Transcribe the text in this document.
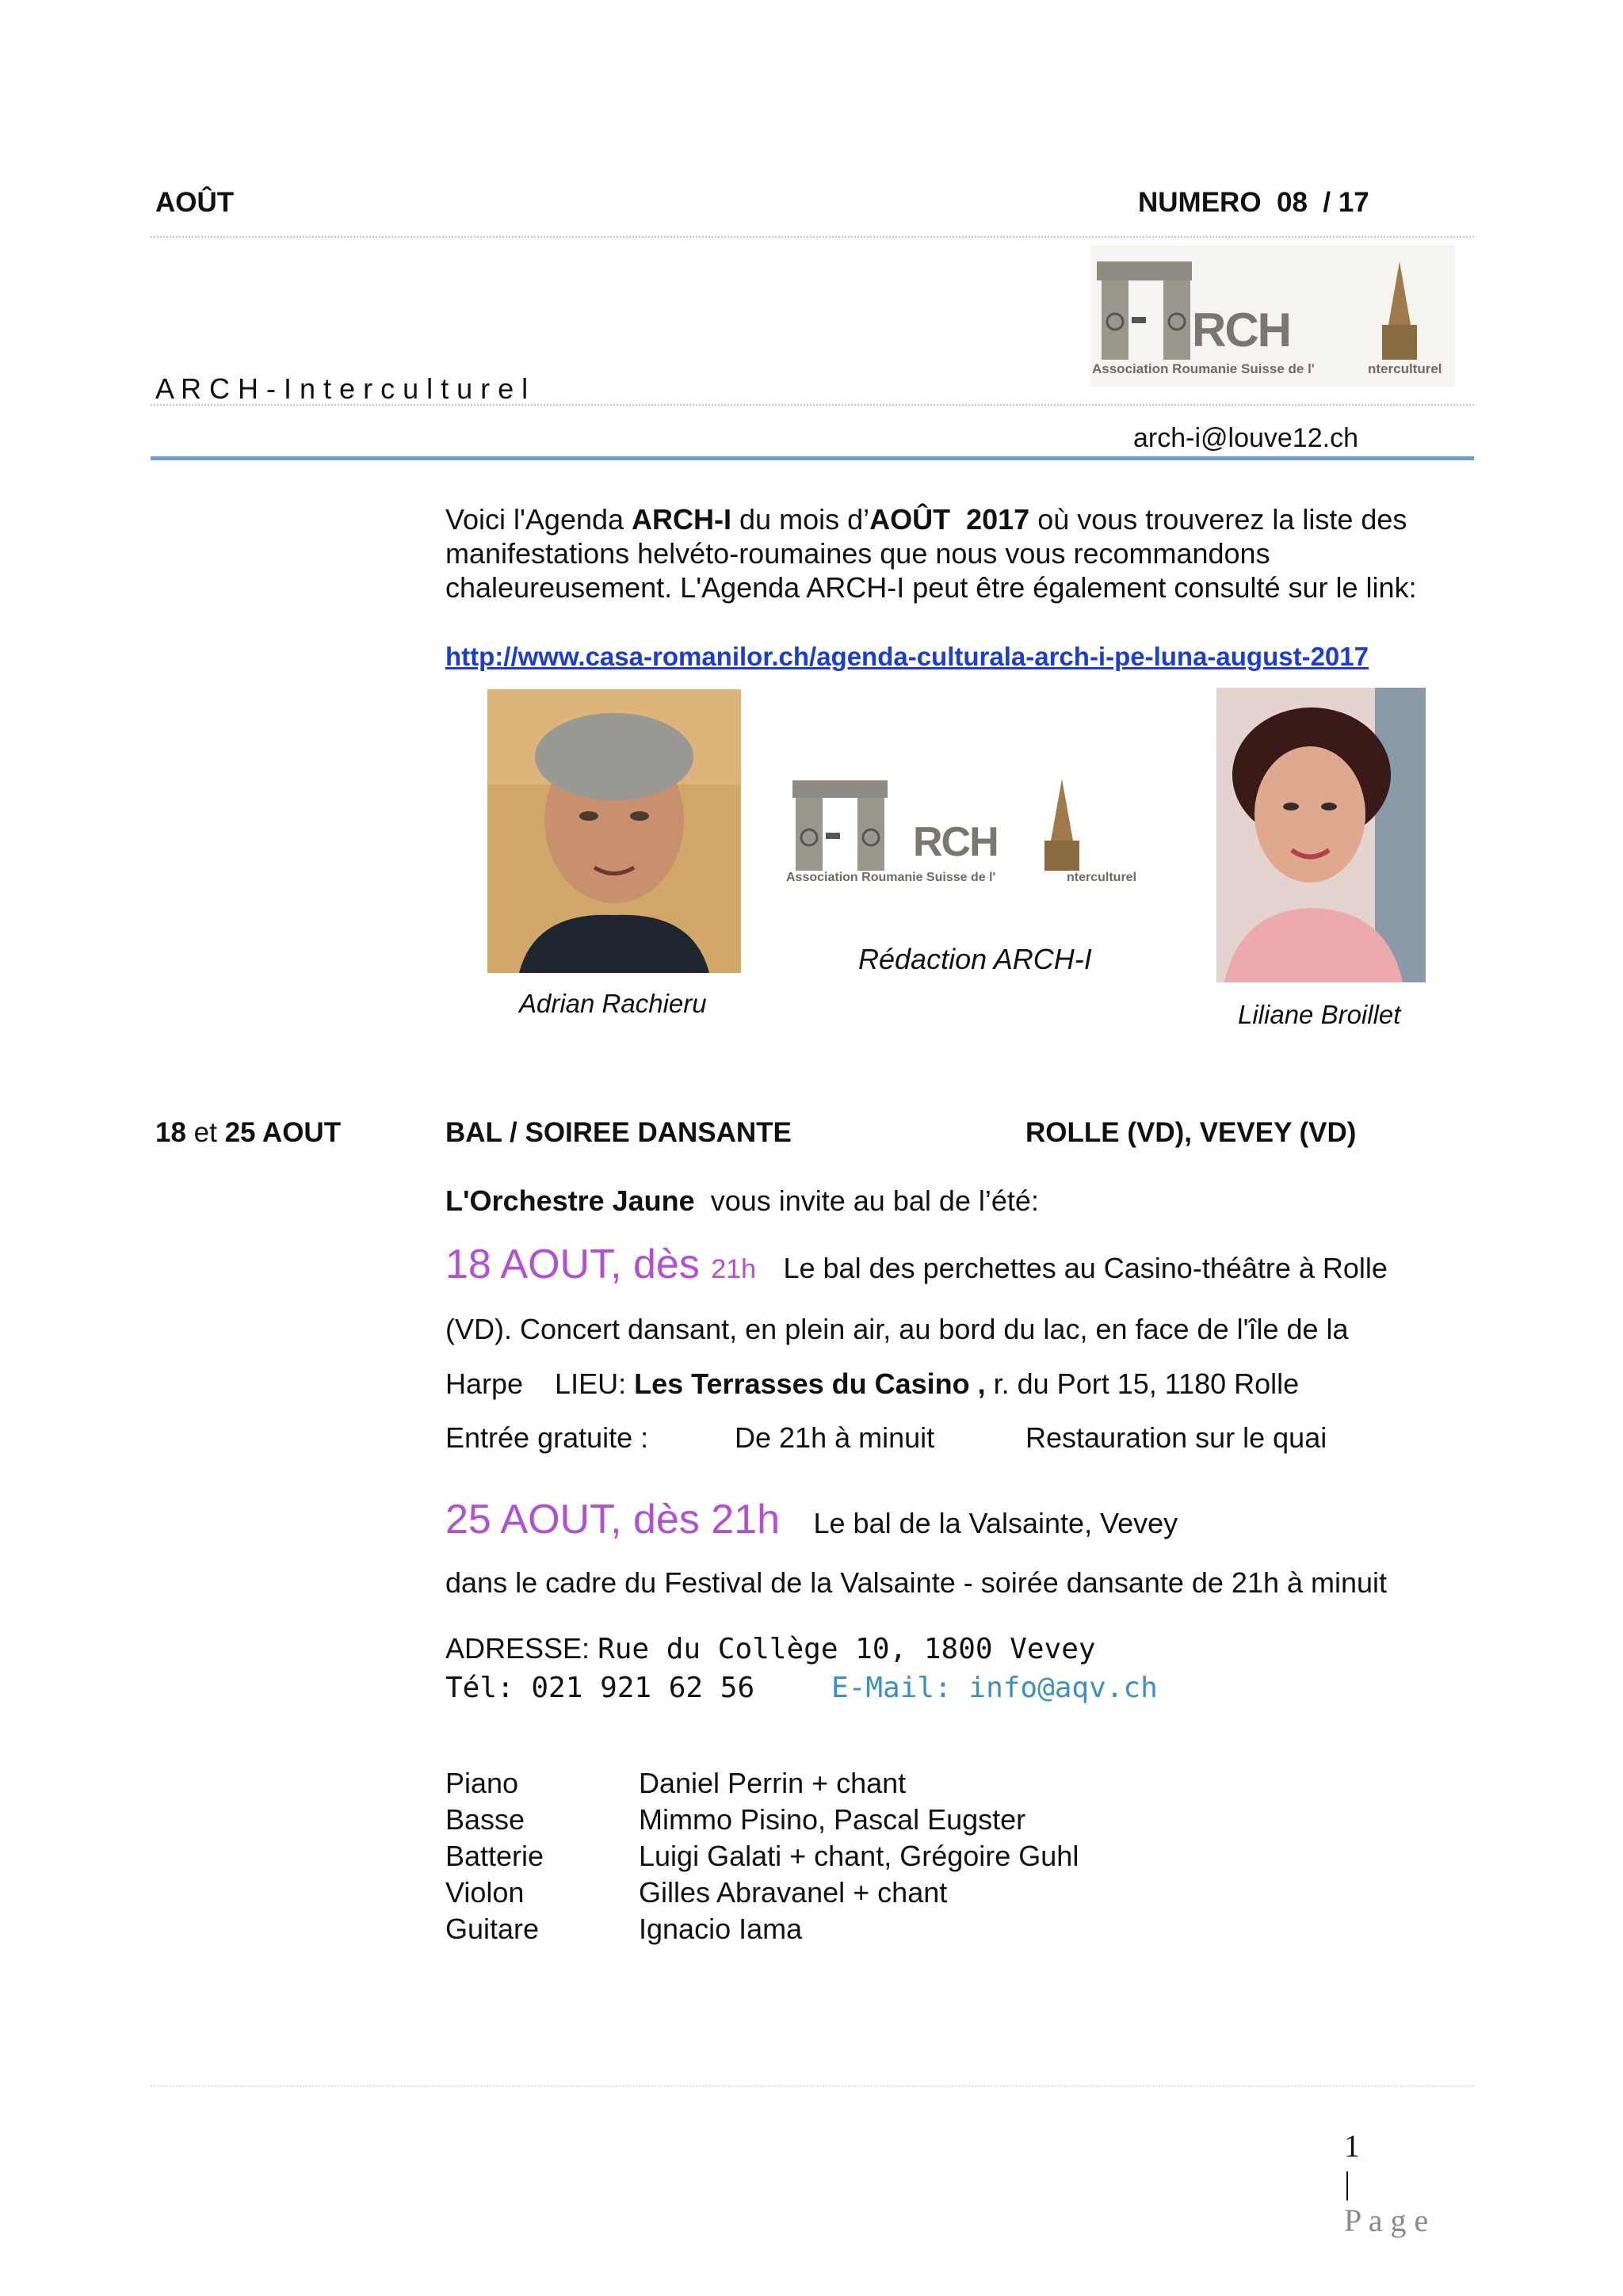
AOÛT	NUMERO  08  / 17
RCH
Association Roumanie Suisse de l'	nterculturel
A R C H - I n t e r c u l t u r e l
arch-i@louve12.ch
Voici l'Agenda ARCH-I du mois d’AOÛT  2017 où vous trouverez la liste des
manifestations helvéto-roumaines que nous vous recommandons
chaleureusement. L'Agenda ARCH-I peut être également consulté sur le link:
http://www.casa-romanilor.ch/agenda-culturala-arch-i-pe-luna-august-2017
Adrian Rachieru
RCH
Association Roumanie Suisse de l'	nterculturel
Rédaction ARCH-I
Liliane Broillet
18 et 25 AOUT	BAL / SOIREE DANSANTE	ROLLE (VD), VEVEY (VD)
L'Orchestre Jaune  vous invite au bal de l’été:
18 AOUT, dès 21h Le bal des perchettes au Casino-théâtre à Rolle
(VD). Concert dansant, en plein air, au bord du lac, en face de l'île de la
Harpe    LIEU: Les Terrasses du Casino , r. du Port 15, 1180 Rolle
Entrée gratuite :	De 21h à minuit	Restauration sur le quai
25 AOUT, dès 21h Le bal de la Valsainte, Vevey
dans le cadre du Festival de la Valsainte - soirée dansante de 21h à minuit
ADRESSE: Rue du Collège 10, 1800 Vevey
Tél: 021 921 62 56	E-Mail: info@aqv.ch
Piano	Daniel Perrin + chant
Basse	Mimmo Pisino, Pascal Eugster
Batterie	Luigi Galati + chant, Grégoire Guhl
Violon	Gilles Abravanel + chant
Guitare	Ignacio Iama

1
|
P a g e
